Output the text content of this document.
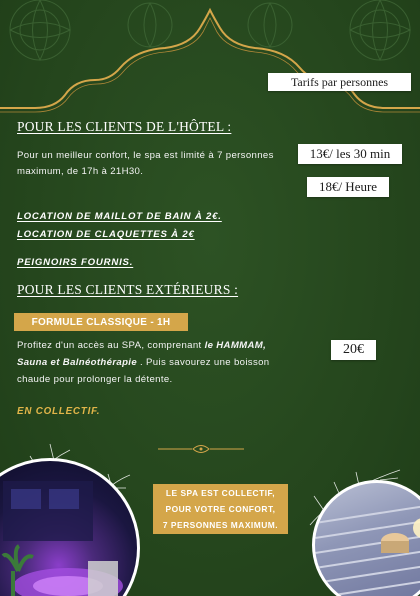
Tarifs par personnes
13€/ les 30 min
18€/ Heure
20€
POUR LES CLIENTS DE L'HÔTEL :
Pour un meilleur confort, le spa est limité à 7 personnes maximum, de 17h à 21H30.
LOCATION DE MAILLOT DE BAIN À 2€.
LOCATION DE CLAQUETTES À 2€
PEIGNOIRS FOURNIS.
POUR LES CLIENTS EXTÉRIEURS :
FORMULE CLASSIQUE - 1H
Profitez d'un accès au SPA, comprenant le HAMMAM, Sauna et Balnéothérapie . Puis savourez une boisson chaude pour prolonger la détente.
EN COLLECTIF.
LE SPA EST COLLECTIF,
POUR VOTRE CONFORT,
7 PERSONNES MAXIMUM.
